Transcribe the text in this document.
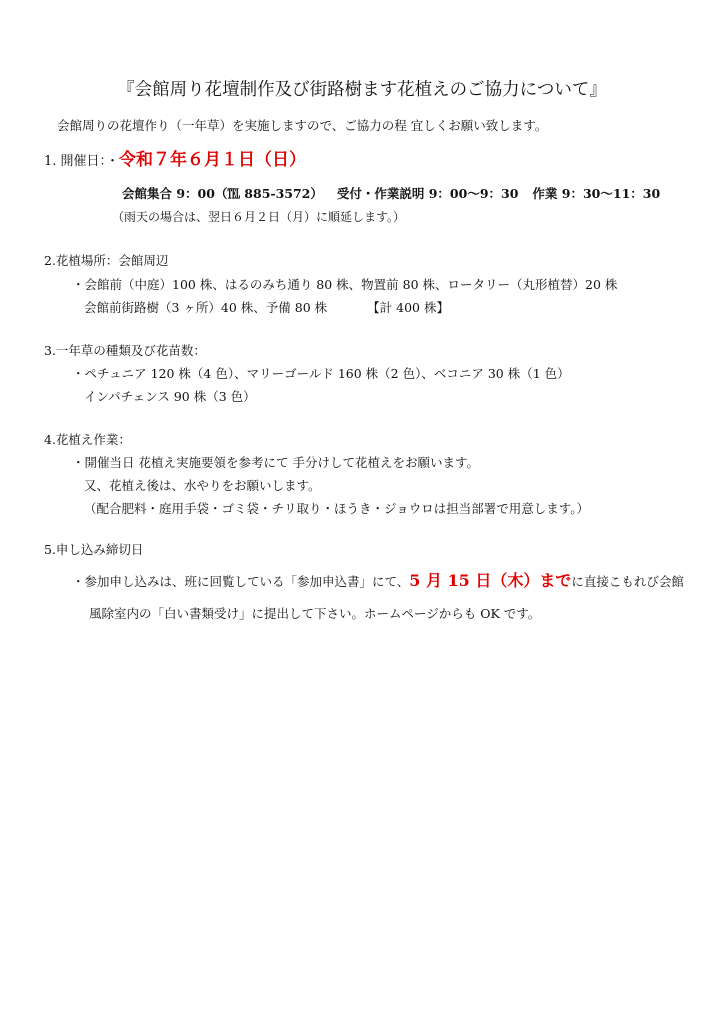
『会館周り花壇制作及び街路樹ます花植えのご協力について』
会館周りの花壇作り（一年草）を実施しますので、ご協力の程 宜しくお願い致します。
1. 開催日：・令和７年６月１日（日）
会館集合 9：00（℡ 885-3572） 受付・作業説明 9：00～9：30 作業 9：30～11：30
（雨天の場合は、翌日６月２日（月）に順延します。）
2.花植場所：会館周辺
・会館前（中庭）100 株、はるのみち通り 80 株、物置前 80 株、ロータリー（丸形植替）20 株
会館前街路樹（3 ヶ所）40 株、予備 80 株	【計 400 株】
3.一年草の種類及び花苗数：
・ペチュニア 120 株（4 色）、マリーゴールド 160 株（2 色）、ベコニア 30 株（1 色）
インパチェンス 90 株（3 色）
4.花植え作業：
・開催当日 花植え実施要領を参考にて 手分けして花植えをお願います。
又、花植え後は、水やりをお願いします。
（配合肥料・庭用手袋・ゴミ袋・チリ取り・ほうき・ジョウロは担当部署で用意します。）
5.申し込み締切日
・参加申し込みは、班に回覧している「参加申込書」にて、5 月 15 日（木）までに直接こもれび会館
風除室内の「白い書類受け」に提出して下さい。ホームページからも OK です。
